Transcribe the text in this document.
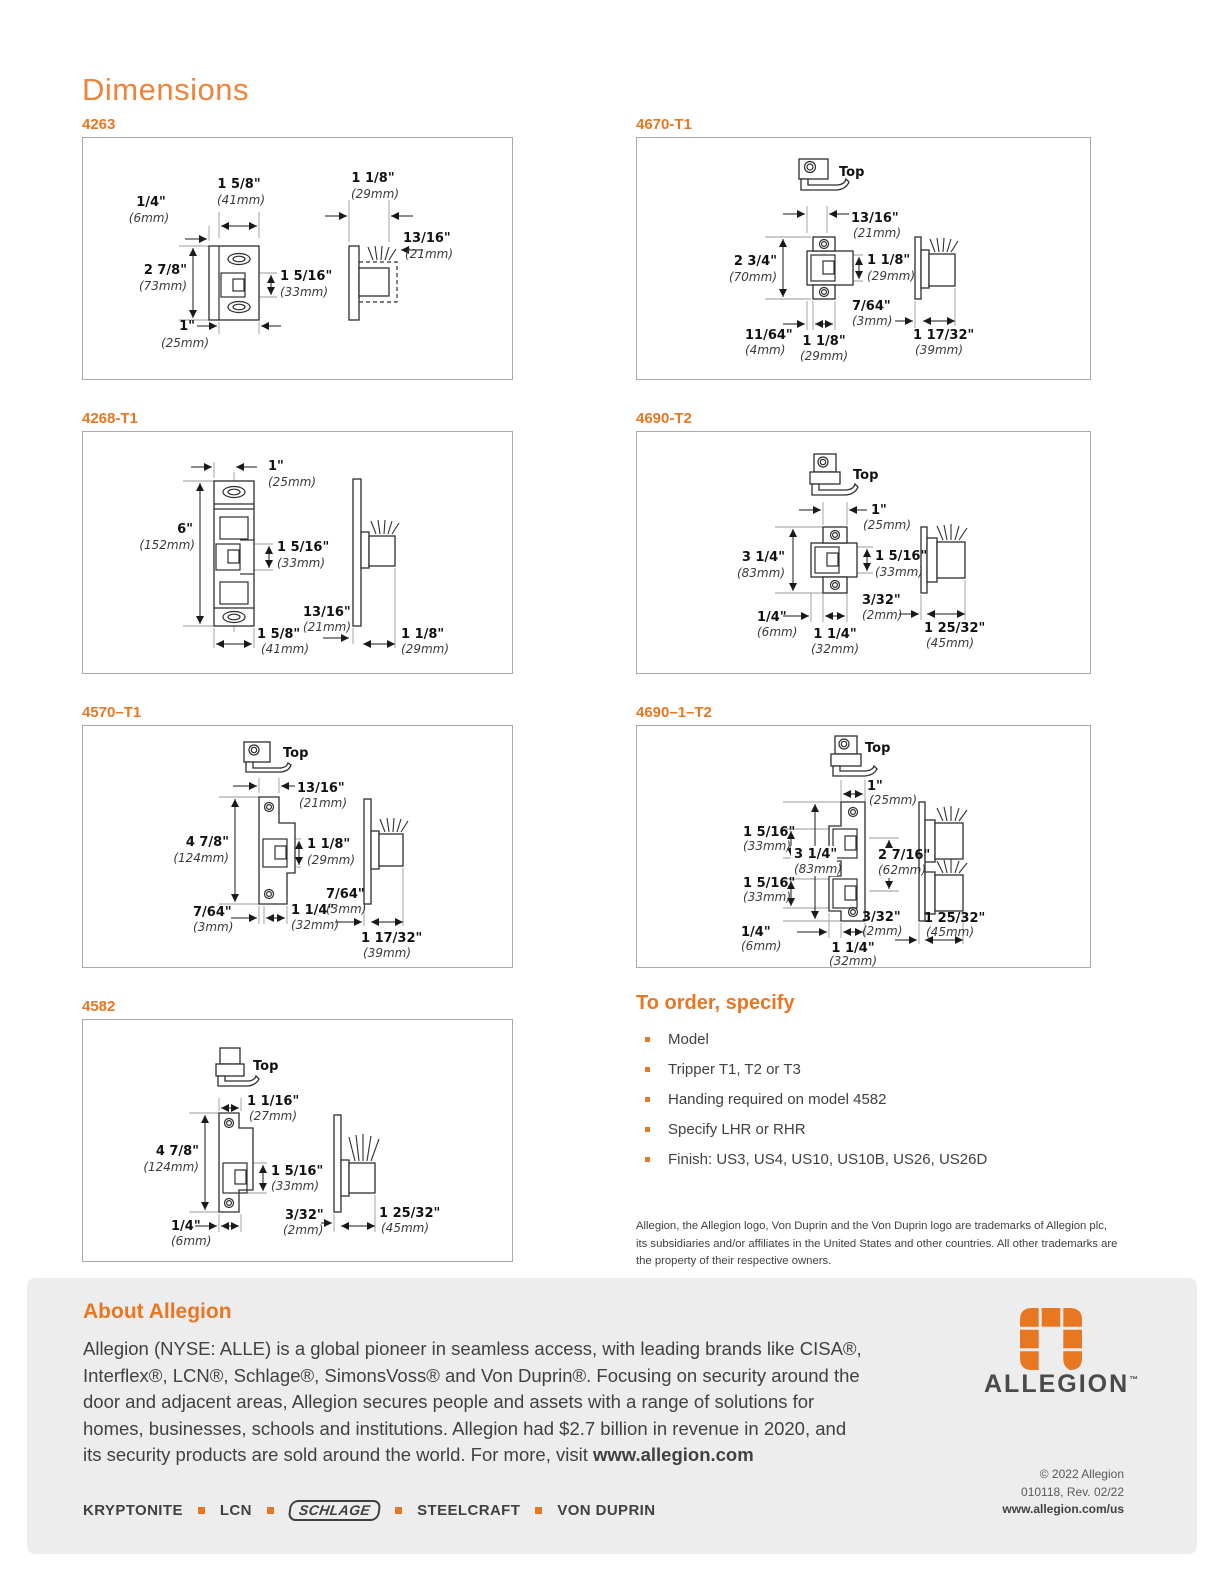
Dimensions
4263
1 5/8"
(41mm)
1/4"
(6mm)
2 7/8"
(73mm)
1 5/16"
(33mm)
1"
(25mm)
1 1/8"
(29mm)
13/16"
(21mm)
4670-T1
Top
13/16"
(21mm)
2 3/4"
(70mm)
1 1/8"
(29mm)
11/64"
(4mm)
1 1/8"
(29mm)
7/64"
(3mm)
1 17/32"
(39mm)
4268-T1
1"
(25mm)
6"
(152mm)	1 5/16"
(33mm)
1 5/8"
(41mm)
13/16"
(21mm)	1 1/8"
(29mm)
4690-T2
Top
1"
(25mm)
3 1/4"
(83mm)
1 5/16"
(33mm)
1/4"
(6mm) 1 1/4"
(32mm)
3/32"
(2mm)
1 25/32"
(45mm)
4570–T1
Top
13/16"
(21mm)
4 7/8"
(124mm)
1 1/8"
(29mm)
7/64"
(3mm)
1 1/4"
(32mm)
7/64"
(3mm)
1 17/32"
(39mm)
4690–1–T2
Top
1"
(25mm)
1 5/16"
(33mm)
3 1/4"
(83mm)
1 5/16"
(33mm)
2 7/16"
(62mm)
1/4"
(6mm)	1 1/4"
(32mm)
3/32"
(2mm)
1 25/32"
(45mm)
4582
Top
1 1/16"
(27mm)
4 7/8"
(124mm)	1 5/16"
(33mm)
1/4"
(6mm)
3/32"
(2mm)
1 25/32"
(45mm)
To order, specify
Model
Tripper T1, T2 or T3
Handing required on model 4582
Specify LHR or RHR
Finish: US3, US4, US10, US10B, US26, US26D
Allegion, the Allegion logo, Von Duprin and the Von Duprin logo are trademarks of Allegion plc, its subsidiaries and/or affiliates in the United States and other countries. All other trademarks are the property of their respective owners.
About Allegion
Allegion (NYSE: ALLE) is a global pioneer in seamless access, with leading brands like CISA®, Interflex®, LCN®, Schlage®, SimonsVoss® and Von Duprin®. Focusing on security around the door and adjacent areas, Allegion secures people and assets with a range of solutions for homes, businesses, schools and institutions. Allegion had $2.7 billion in revenue in 2020, and its security products are sold around the world. For more, visit www.allegion.com
KRYPTONITE LCN	SCHLAGE	STEELCRAFT VON DUPRIN
ALLEGION™
© 2022 Allegion
010118, Rev. 02/22
www.allegion.com/us
